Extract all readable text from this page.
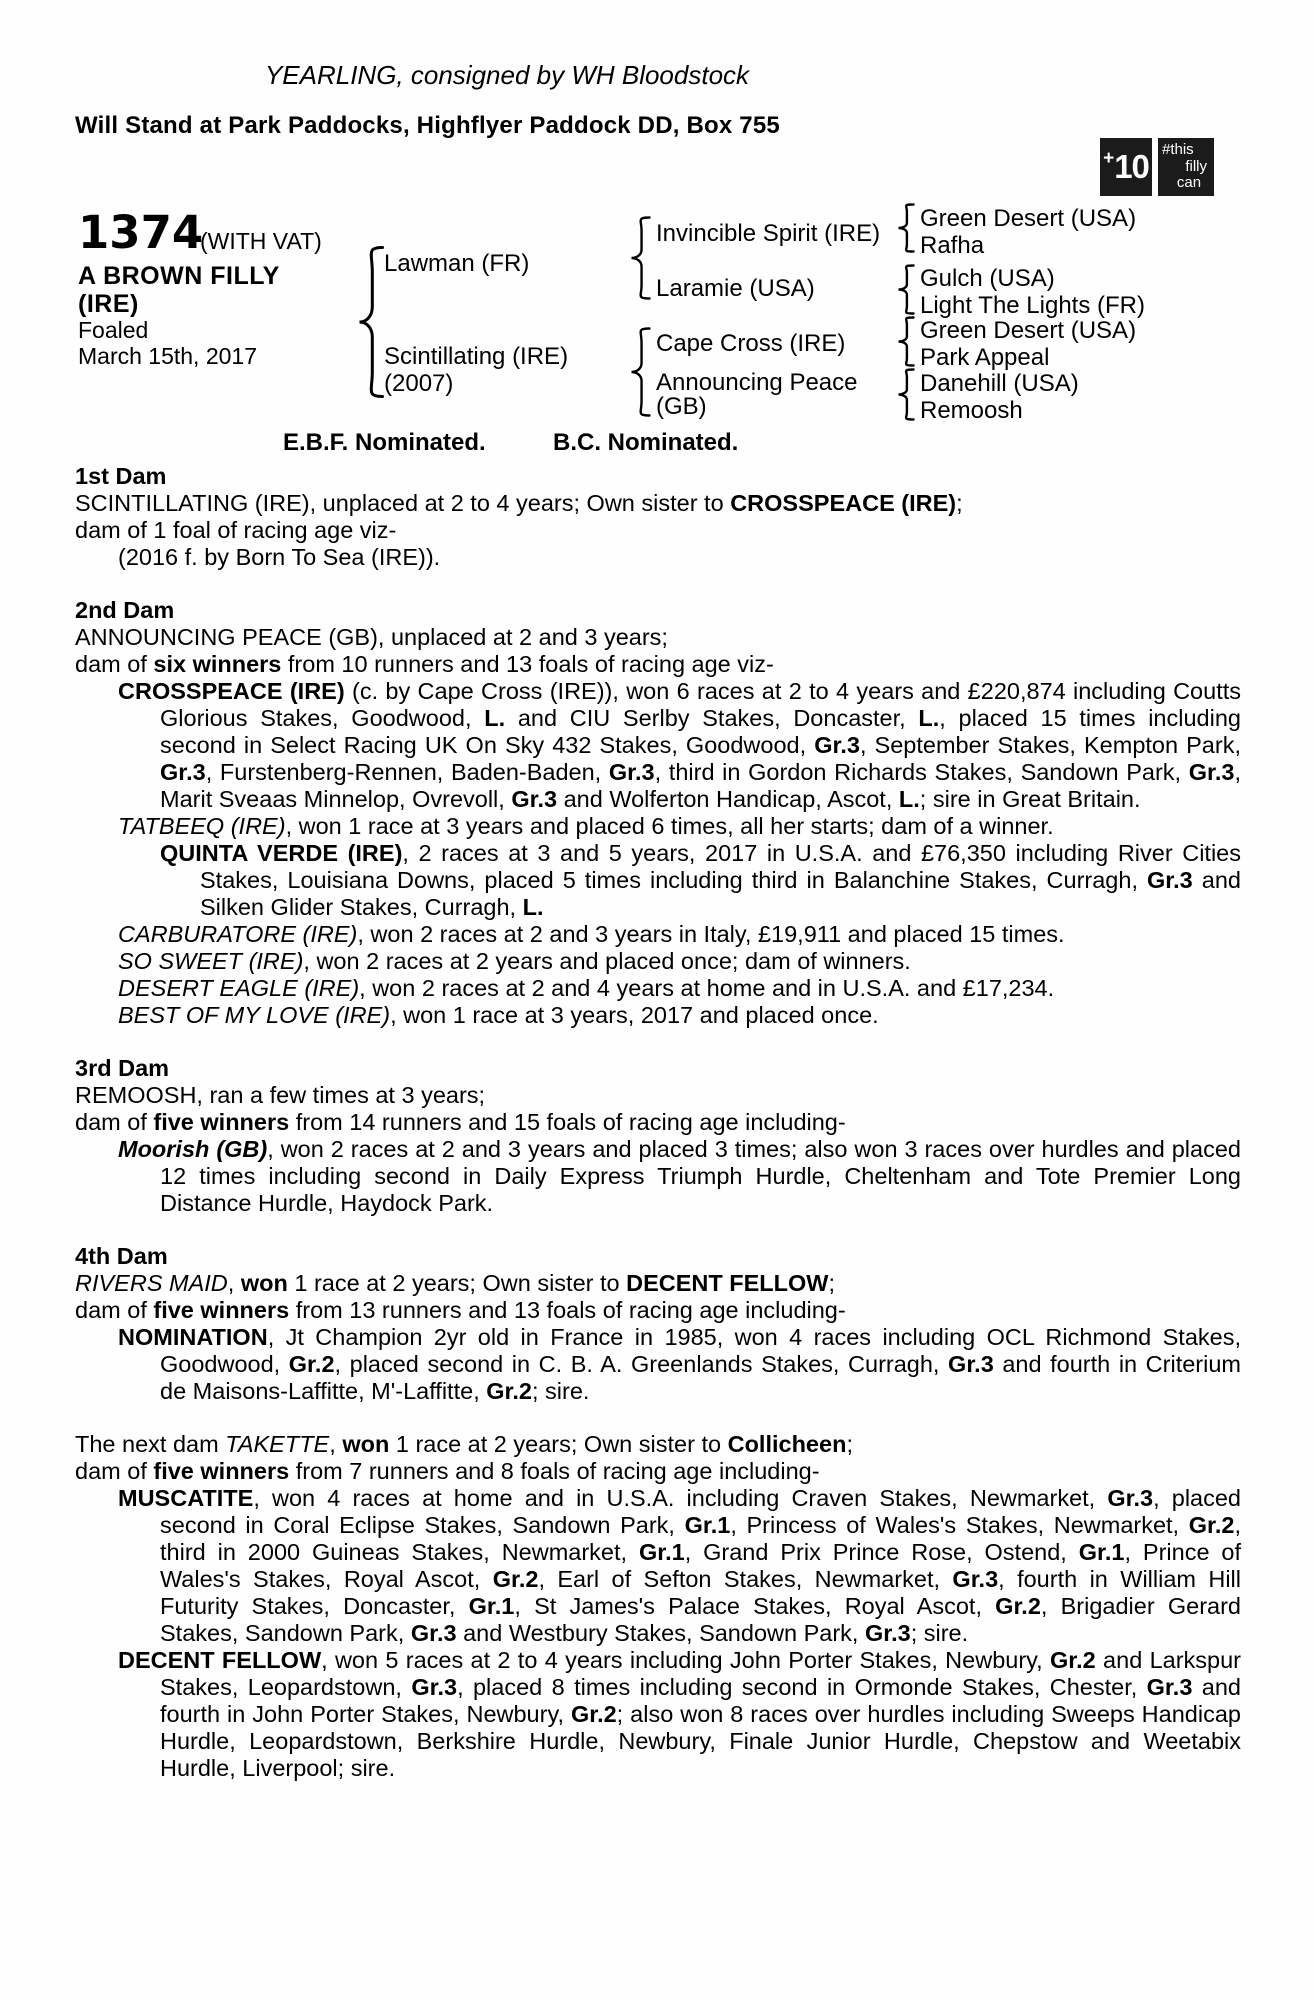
YEARLING, consigned by WH Bloodstock
Will Stand at Park Paddocks, Highflyer Paddock DD, Box 755
+ 10 #this
filly
can
1374
(WITH VAT)
A BROWN FILLY
(IRE)
Foaled
March 15th, 2017
Lawman (FR)
Scintillating (IRE)
(2007)
Invincible Spirit (IRE)
Laramie (USA)
Cape Cross (IRE)
Announcing Peace
(GB)
Green Desert (USA)
Rafha
Gulch (USA)
Light The Lights (FR)
Green Desert (USA)
Park Appeal
Danehill (USA)
Remoosh
E.B.F. Nominated.	B.C. Nominated.
1st Dam
SCINTILLATING (IRE), unplaced at 2 to 4 years; Own sister to CROSSPEACE (IRE);
dam of 1 foal of racing age viz-
(2016 f. by Born To Sea (IRE)).
2nd Dam
ANNOUNCING PEACE (GB), unplaced at 2 and 3 years;
dam of six winners from 10 runners and 13 foals of racing age viz-
CROSSPEACE (IRE) (c. by Cape Cross (IRE)), won 6 races at 2 to 4 years and £220,874 including Coutts Glorious Stakes, Goodwood, L. and CIU Serlby Stakes, Doncaster, L., placed 15 times including second in Select Racing UK On Sky 432 Stakes, Goodwood, Gr.3, September Stakes, Kempton Park, Gr.3, Furstenberg-Rennen, Baden-Baden, Gr.3, third in Gordon Richards Stakes, Sandown Park, Gr.3, Marit Sveaas Minnelop, Ovrevoll, Gr.3 and Wolferton Handicap, Ascot, L.; sire in Great Britain.
TATBEEQ (IRE), won 1 race at 3 years and placed 6 times, all her starts; dam of a winner.
QUINTA VERDE (IRE), 2 races at 3 and 5 years, 2017 in U.S.A. and £76,350 including River Cities Stakes, Louisiana Downs, placed 5 times including third in Balanchine Stakes, Curragh, Gr.3 and Silken Glider Stakes, Curragh, L.
CARBURATORE (IRE), won 2 races at 2 and 3 years in Italy, £19,911 and placed 15 times.
SO SWEET (IRE), won 2 races at 2 years and placed once; dam of winners.
DESERT EAGLE (IRE), won 2 races at 2 and 4 years at home and in U.S.A. and £17,234.
BEST OF MY LOVE (IRE), won 1 race at 3 years, 2017 and placed once.
3rd Dam
REMOOSH, ran a few times at 3 years;
dam of five winners from 14 runners and 15 foals of racing age including-
Moorish (GB), won 2 races at 2 and 3 years and placed 3 times; also won 3 races over hurdles and placed 12 times including second in Daily Express Triumph Hurdle, Cheltenham and Tote Premier Long Distance Hurdle, Haydock Park.
4th Dam
RIVERS MAID, won 1 race at 2 years; Own sister to DECENT FELLOW;
dam of five winners from 13 runners and 13 foals of racing age including-
NOMINATION, Jt Champion 2yr old in France in 1985, won 4 races including OCL Richmond Stakes, Goodwood, Gr.2, placed second in C. B. A. Greenlands Stakes, Curragh, Gr.3 and fourth in Criterium de Maisons-Laffitte, M'-Laffitte, Gr.2; sire.
The next dam TAKETTE, won 1 race at 2 years; Own sister to Collicheen;
dam of five winners from 7 runners and 8 foals of racing age including-
MUSCATITE, won 4 races at home and in U.S.A. including Craven Stakes, Newmarket, Gr.3, placed second in Coral Eclipse Stakes, Sandown Park, Gr.1, Princess of Wales's Stakes, Newmarket, Gr.2, third in 2000 Guineas Stakes, Newmarket, Gr.1, Grand Prix Prince Rose, Ostend, Gr.1, Prince of Wales's Stakes, Royal Ascot, Gr.2, Earl of Sefton Stakes, Newmarket, Gr.3, fourth in William Hill Futurity Stakes, Doncaster, Gr.1, St James's Palace Stakes, Royal Ascot, Gr.2, Brigadier Gerard Stakes, Sandown Park, Gr.3 and Westbury Stakes, Sandown Park, Gr.3; sire.
DECENT FELLOW, won 5 races at 2 to 4 years including John Porter Stakes, Newbury, Gr.2 and Larkspur Stakes, Leopardstown, Gr.3, placed 8 times including second in Ormonde Stakes, Chester, Gr.3 and fourth in John Porter Stakes, Newbury, Gr.2; also won 8 races over hurdles including Sweeps Handicap Hurdle, Leopardstown, Berkshire Hurdle, Newbury, Finale Junior Hurdle, Chepstow and Weetabix Hurdle, Liverpool; sire.
